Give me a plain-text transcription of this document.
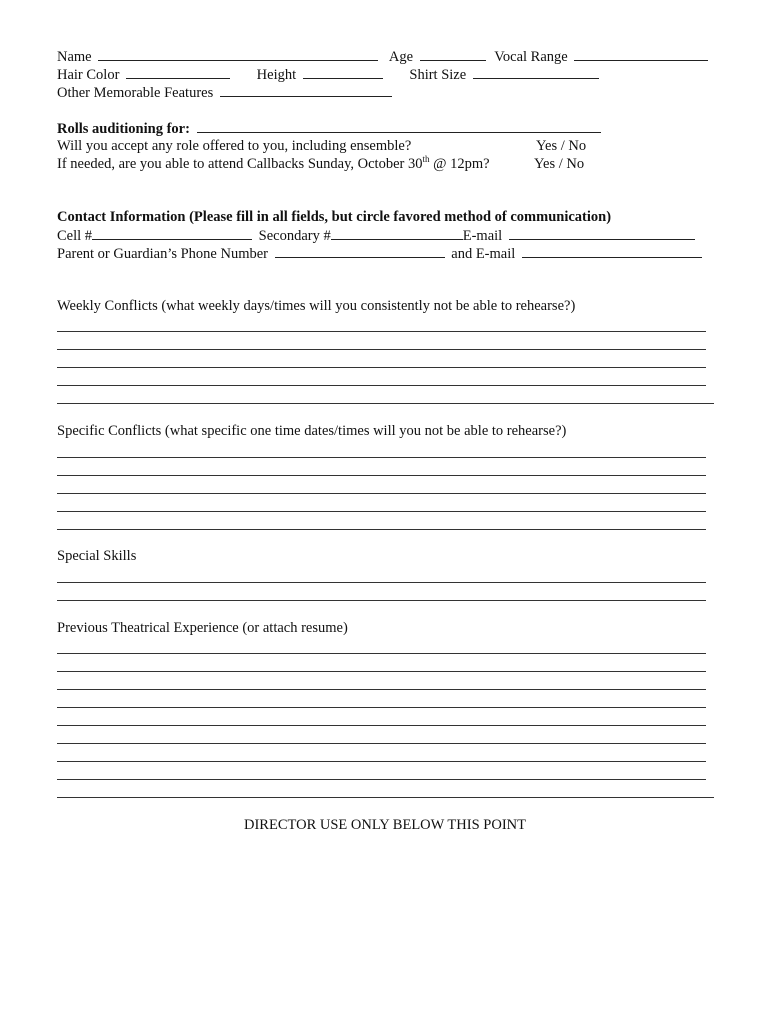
Name	Age	Vocal Range
Hair Color	Height	Shirt Size
Other Memorable Features
Rolls auditioning for:
Will you accept any role offered to you, including ensemble?	Yes / No
If needed, are you able to attend Callbacks Sunday, October 30th @ 12pm?	Yes / No
Contact Information (Please fill in all fields, but circle favored method of communication)
Cell #	Secondary #	E-mail
Parent or Guardian’s Phone Number	and E-mail
Weekly Conflicts (what weekly days/times will you consistently not be able to rehearse?)
Specific Conflicts (what specific one time dates/times will you not be able to rehearse?)
Special Skills
Previous Theatrical Experience (or attach resume)
DIRECTOR USE ONLY BELOW THIS POINT
